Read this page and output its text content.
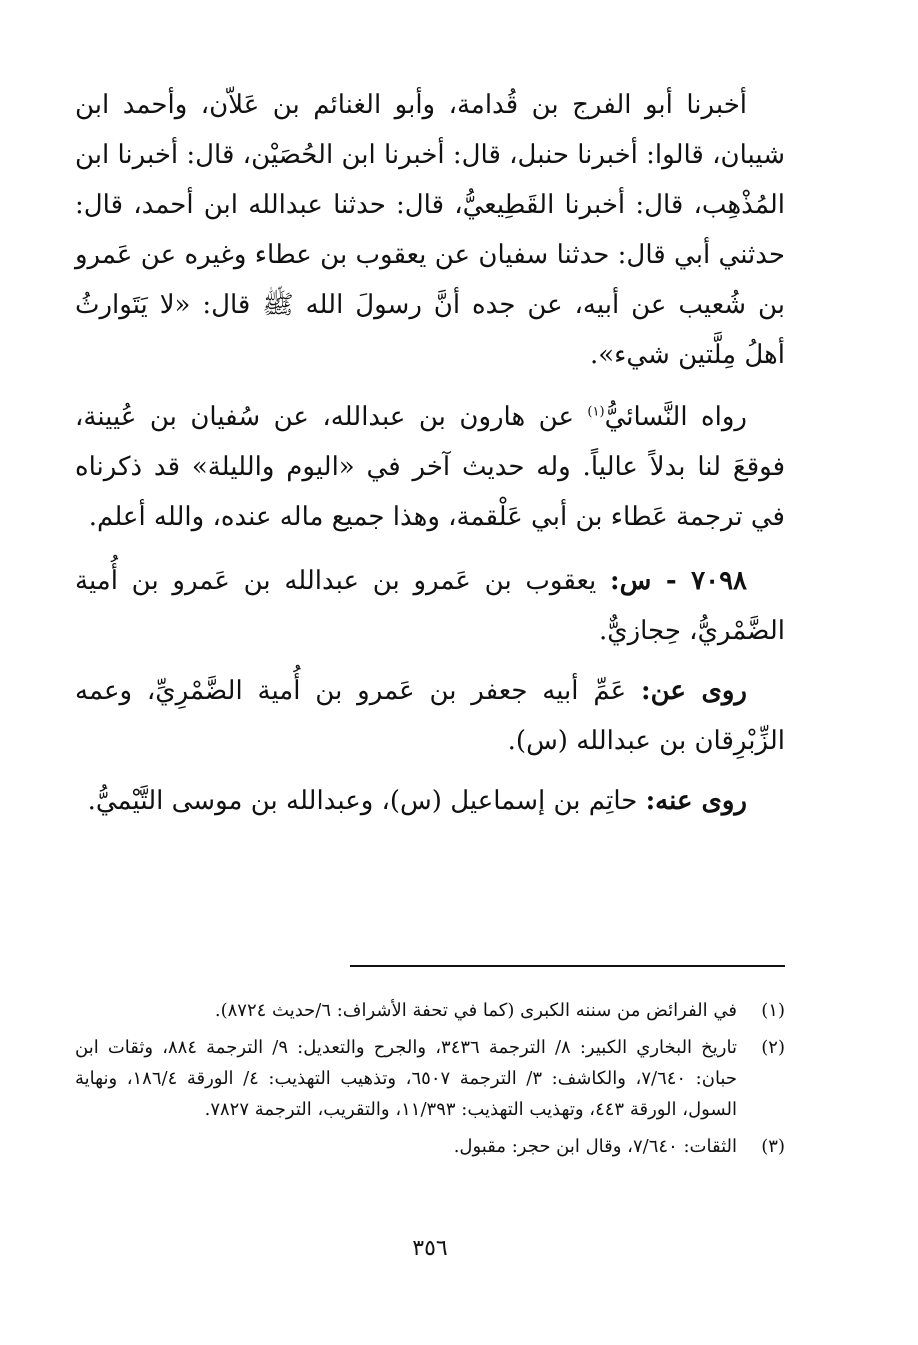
أخبرنا أبو الفرج بن قُدامة، وأبو الغنائم بن عَلاّن، وأحمد ابن شيبان، قالوا: أخبرنا حنبل، قال: أخبرنا ابن الحُصَيْن، قال: أخبرنا ابن المُذْهِب، قال: أخبرنا القَطِيعيُّ، قال: حدثنا عبدالله ابن أحمد، قال: حدثني أبي قال: حدثنا سفيان عن يعقوب بن عطاء وغيره عن عَمرو بن شُعيب عن أبيه، عن جده أنَّ رسولَ الله ﷺ قال: «لا يَتَوارثُ أهلُ مِلَّتين شيء».

رواه النَّسائيُّ$^{(١)}$ عن هارون بن عبدالله، عن سُفيان بن عُيينة، فوقعَ لنا بدلاً عالياً. وله حديث آخر في «اليوم والليلة» قد ذكرناه في ترجمة عَطاء بن أبي عَلْقمة، وهذا جميع ماله عنده، والله أعلم.

٧٠٩٨ - س: يعقوب بن عَمرو بن عبدالله بن عَمرو بن أُمية الضَّمْريُّ، حِجازيٌّ.

روى عن: عَمِّ أبيه جعفر بن عَمرو بن أُمية الضَّمْرِيِّ، وعمه الزِّبْرِقان بن عبدالله (س).

روى عنه: حاتِم بن إسماعيل (س)، وعبدالله بن موسى التَّيْميُّ.

(١)
في الفرائض من سننه الكبرى (كما في تحفة الأشراف: ٦/حديث ٨٧٢٤).
(٢)
تاريخ البخاري الكبير: ٨/ الترجمة ٣٤٣٦، والجرح والتعديل: ٩/ الترجمة ٨٨٤، وثقات ابن حبان: ٧/٦٤٠، والكاشف: ٣/ الترجمة ٦٥٠٧، وتذهيب التهذيب: ٤/ الورقة ١٨٦/٤، ونهاية السول، الورقة ٤٤٣، وتهذيب التهذيب: ١١/٣٩٣، والتقريب، الترجمة ٧٨٢٧.
(٣)
الثقات: ٧/٦٤٠، وقال ابن حجر: مقبول.
٣٥٦
